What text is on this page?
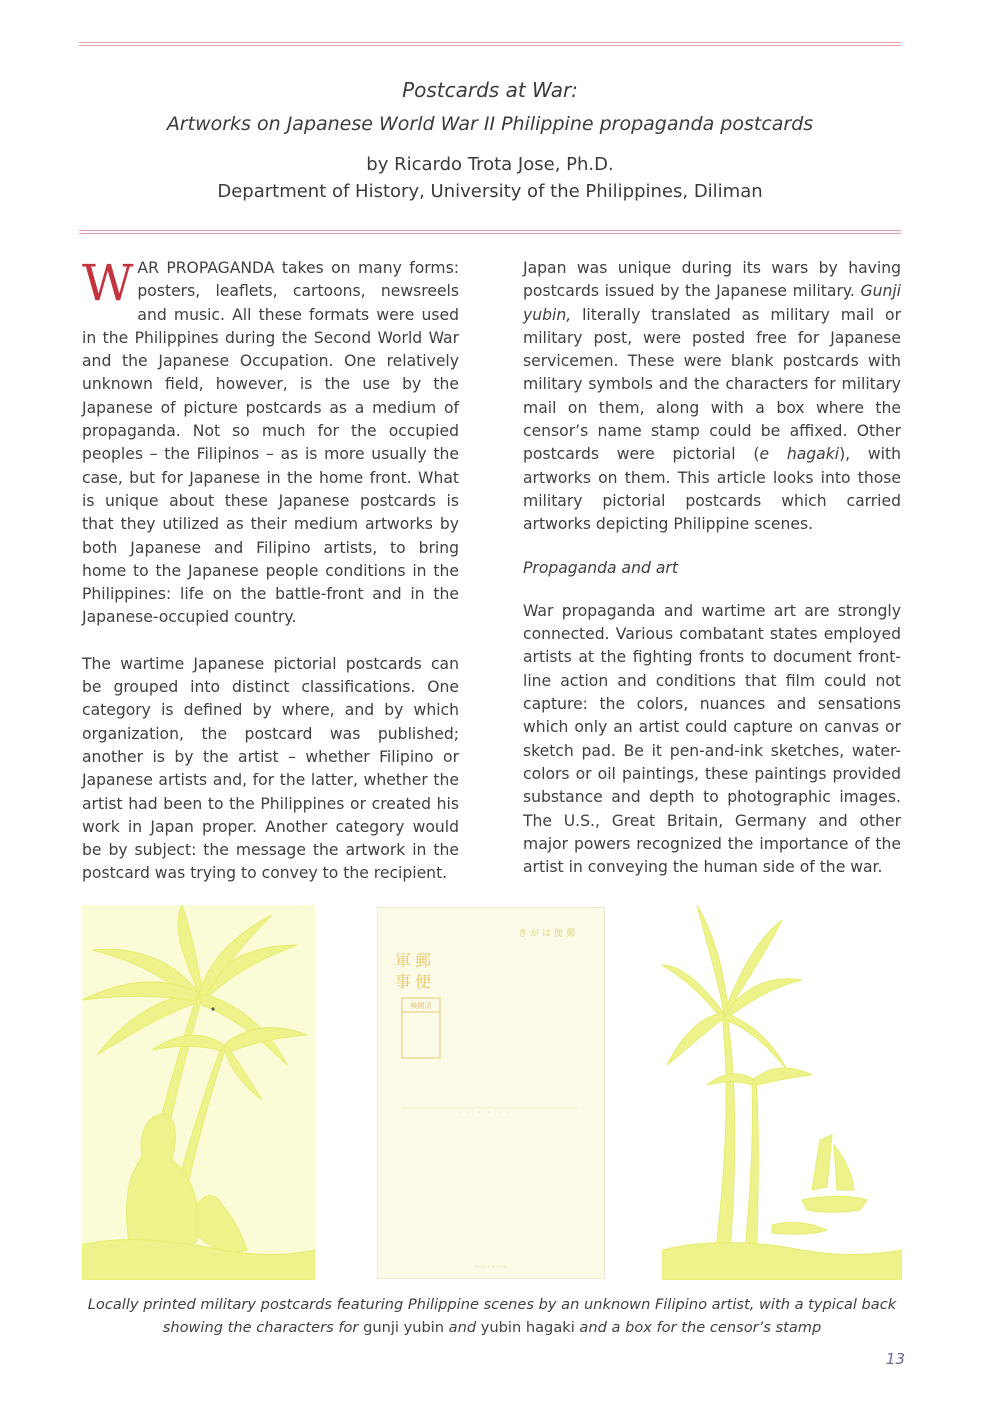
Postcards at War:
Artworks on Japanese World War II Philippine propaganda postcards
by Ricardo Trota Jose, Ph.D.
Department of History, University of the Philippines, Diliman

WAR PROPAGANDA takes on many forms: posters, leaflets, cartoons, newsreels and music. All these formats were used in the Philippines during the Second World War and the Japanese Occupation. One relatively unknown field, however, is the use by the Japanese of picture postcards as a medium of propaganda. Not so much for the occupied peoples – the Filipinos – as is more usually the case, but for Japanese in the home front. What is unique about these Japanese postcards is that they utilized as their medium artworks by both Japanese and Filipino artists, to bring home to the Japanese people conditions in the Philippines: life on the battle-front and in the Japanese-occupied country.

The wartime Japanese pictorial postcards can be grouped into distinct classifications. One category is defined by where, and by which organization, the postcard was published; another is by the artist – whether Filipino or Japanese artists and, for the latter, whether the artist had been to the Philippines or created his work in Japan proper. Another category would be by subject: the message the artwork in the postcard was trying to convey to the recipient.

Japan was unique during its wars by having postcards issued by the Japanese military. Gunji yubin, literally translated as military mail or military post, were posted free for Japanese servicemen. These were blank postcards with military symbols and the characters for military mail on them, along with a box where the censor’s name stamp could be affixed. Other postcards were pictorial (e hagaki), with artworks on them. This article looks into those military pictorial postcards which carried artworks depicting Philippine scenes.

Propaganda and art

War propaganda and wartime art are strongly connected. Various combatant states employed artists at the fighting fronts to document front-line action and conditions that film could not capture: the colors, nuances and sensations which only an artist could capture on canvas or sketch pad. Be it pen-and-ink sketches, water-colors or oil paintings, these paintings provided substance and depth to photographic images. The U.S., Great Britain, Germany and other major powers recognized the importance of the artist in conveying the human side of the war.

きがは便郵
郵 便
軍 事
検閲済
ＮＯ２ＴＳＩＵＮ
Locally printed military postcards featuring Philippine scenes by an unknown Filipino artist, with a typical back showing the characters for gunji yubin and yubin hagaki and a box for the censor’s stamp
13
